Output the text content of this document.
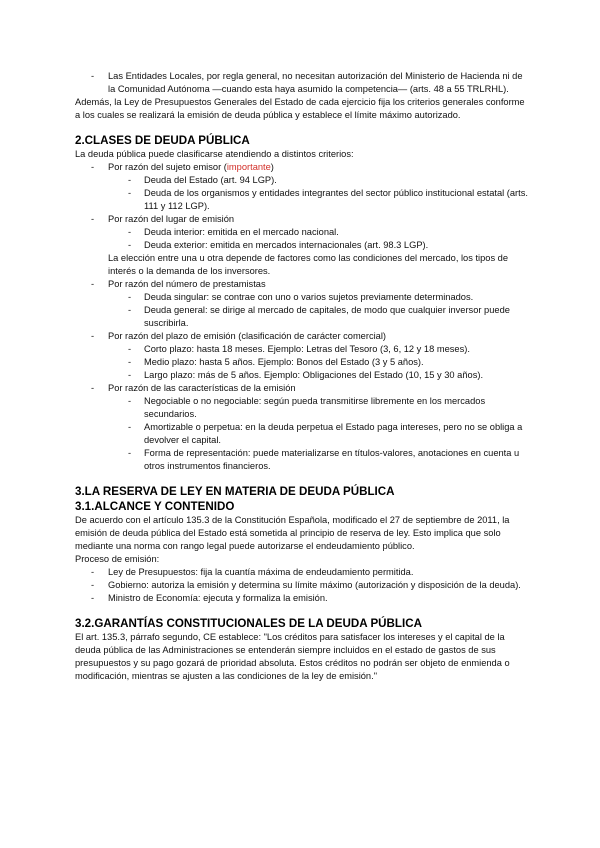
- Las Entidades Locales, por regla general, no necesitan autorización del Ministerio de Hacienda ni de la Comunidad Autónoma —cuando esta haya asumido la competencia— (arts. 48 a 55 TRLRHL).

Además, la Ley de Presupuestos Generales del Estado de cada ejercicio fija los criterios generales conforme a los cuales se realizará la emisión de deuda pública y establece el límite máximo autorizado.

2.CLASES DE DEUDA PÚBLICA

La deuda pública puede clasificarse atendiendo a distintos criterios:

- Por razón del sujeto emisor (importante)

- Deuda del Estado (art. 94 LGP).

- Deuda de los organismos y entidades integrantes del sector público institucional estatal (arts. 111 y 112 LGP).

- Por razón del lugar de emisión

- Deuda interior: emitida en el mercado nacional.

- Deuda exterior: emitida en mercados internacionales (art. 98.3 LGP).

La elección entre una u otra depende de factores como las condiciones del mercado, los tipos de interés o la demanda de los inversores.

- Por razón del número de prestamistas

- Deuda singular: se contrae con uno o varios sujetos previamente determinados.

- Deuda general: se dirige al mercado de capitales, de modo que cualquier inversor puede suscribirla.

- Por razón del plazo de emisión (clasificación de carácter comercial)

- Corto plazo: hasta 18 meses. Ejemplo: Letras del Tesoro (3, 6, 12 y 18 meses).

- Medio plazo: hasta 5 años. Ejemplo: Bonos del Estado (3 y 5 años).

- Largo plazo: más de 5 años. Ejemplo: Obligaciones del Estado (10, 15 y 30 años).

- Por razón de las características de la emisión

- Negociable o no negociable: según pueda transmitirse libremente en los mercados secundarios.

- Amortizable o perpetua: en la deuda perpetua el Estado paga intereses, pero no se obliga a devolver el capital.

- Forma de representación: puede materializarse en títulos-valores, anotaciones en cuenta u otros instrumentos financieros.

3.LA RESERVA DE LEY EN MATERIA DE DEUDA PÚBLICA
3.1.ALCANCE Y CONTENIDO

De acuerdo con el artículo 135.3 de la Constitución Española, modificado el 27 de septiembre de 2011, la emisión de deuda pública del Estado está sometida al principio de reserva de ley. Esto implica que solo mediante una norma con rango legal puede autorizarse el endeudamiento público.

Proceso de emisión:

- Ley de Presupuestos: fija la cuantía máxima de endeudamiento permitida.

- Gobierno: autoriza la emisión y determina su límite máximo (autorización y disposición de la deuda).

- Ministro de Economía: ejecuta y formaliza la emisión.

3.2.GARANTÍAS CONSTITUCIONALES DE LA DEUDA PÚBLICA

El art. 135.3, párrafo segundo, CE establece: "Los créditos para satisfacer los intereses y el capital de la deuda pública de las Administraciones se entenderán siempre incluidos en el estado de gastos de sus presupuestos y su pago gozará de prioridad absoluta. Estos créditos no podrán ser objeto de enmienda o modificación, mientras se ajusten a las condiciones de la ley de emisión."
